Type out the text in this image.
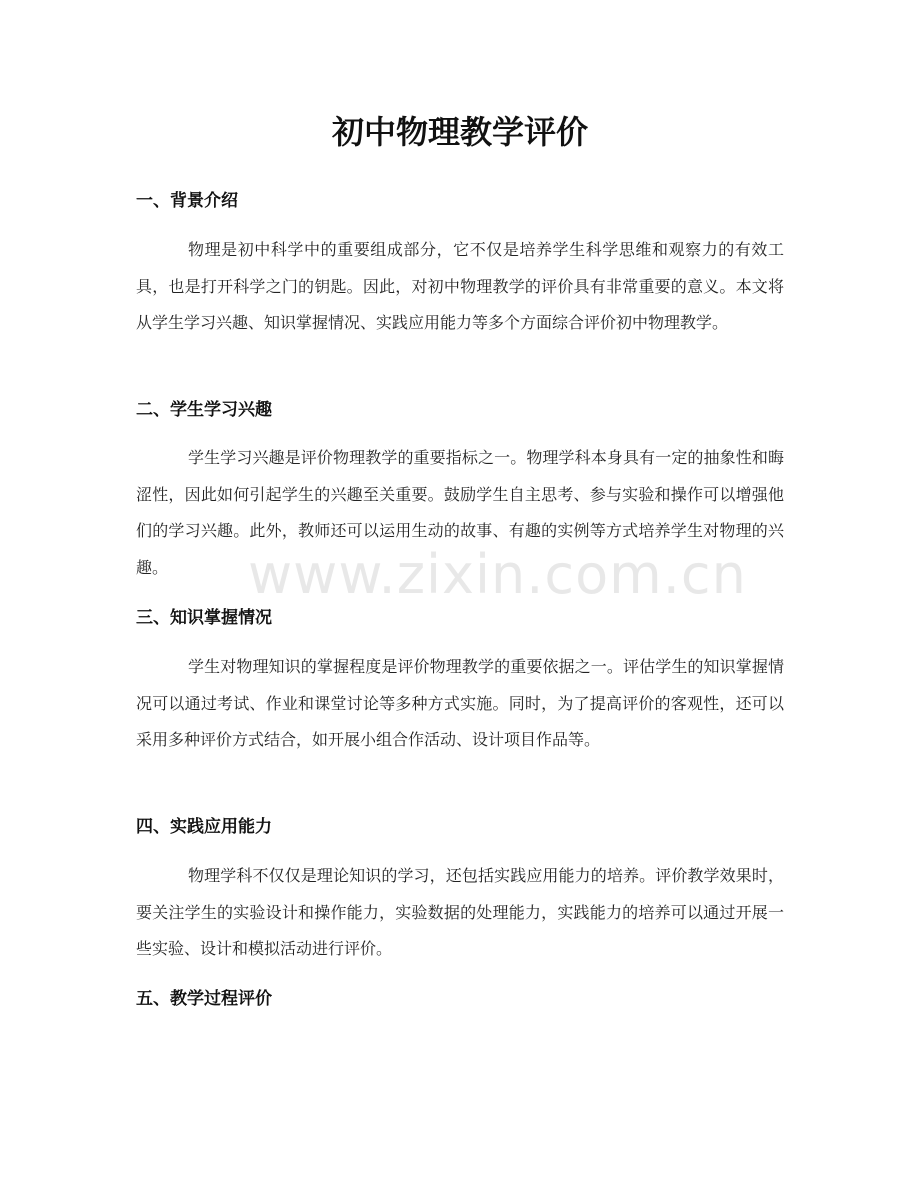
初中物理教学评价
一、背景介绍

物理是初中科学中的重要组成部分，它不仅是培养学生科学思维和观察力的有效工具，也是打开科学之门的钥匙。因此，对初中物理教学的评价具有非常重要的意义。本文将从学生学习兴趣、知识掌握情况、实践应用能力等多个方面综合评价初中物理教学。

二、学生学习兴趣

学生学习兴趣是评价物理教学的重要指标之一。物理学科本身具有一定的抽象性和晦涩性，因此如何引起学生的兴趣至关重要。鼓励学生自主思考、参与实验和操作可以增强他们的学习兴趣。此外，教师还可以运用生动的故事、有趣的实例等方式培养学生对物理的兴趣。

三、知识掌握情况

学生对物理知识的掌握程度是评价物理教学的重要依据之一。评估学生的知识掌握情况可以通过考试、作业和课堂讨论等多种方式实施。同时，为了提高评价的客观性，还可以采用多种评价方式结合，如开展小组合作活动、设计项目作品等。

四、实践应用能力

物理学科不仅仅是理论知识的学习，还包括实践应用能力的培养。评价教学效果时，要关注学生的实验设计和操作能力，实验数据的处理能力，实践能力的培养可以通过开展一些实验、设计和模拟活动进行评价。

五、教学过程评价
www.zixin.com.cn
